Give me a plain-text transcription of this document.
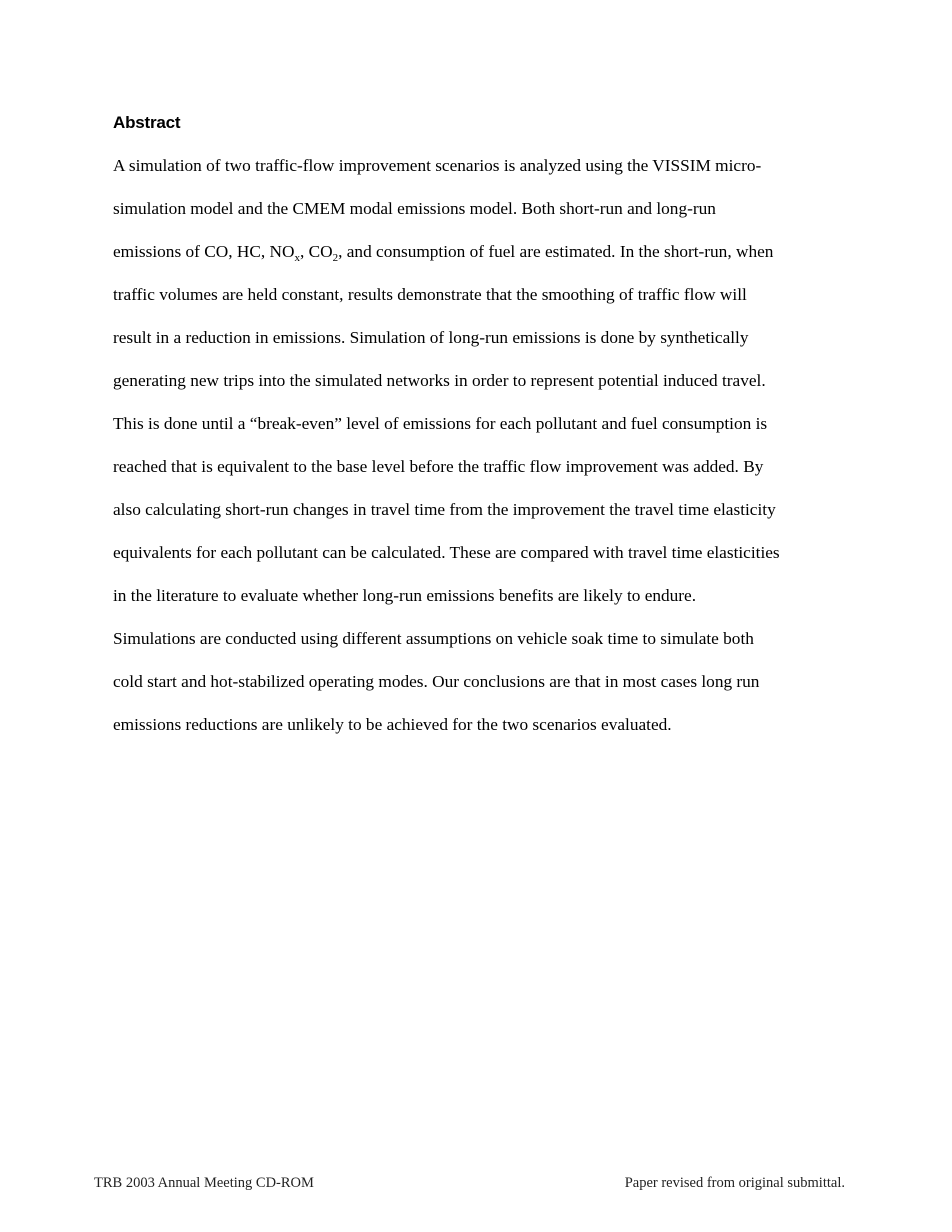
Abstract

A simulation of two traffic-flow improvement scenarios is analyzed using the VISSIM micro-

simulation model and the CMEM modal emissions model. Both short-run and long-run

emissions of CO, HC, $NO_x$, $CO_2$, and consumption of fuel are estimated. In the short-run, when

traffic volumes are held constant, results demonstrate that the smoothing of traffic flow will

result in a reduction in emissions. Simulation of long-run emissions is done by synthetically

generating new trips into the simulated networks in order to represent potential induced travel.

This is done until a “break-even” level of emissions for each pollutant and fuel consumption is

reached that is equivalent to the base level before the traffic flow improvement was added. By

also calculating short-run changes in travel time from the improvement the travel time elasticity

equivalents for each pollutant can be calculated. These are compared with travel time elasticities

in the literature to evaluate whether long-run emissions benefits are likely to endure.

Simulations are conducted using different assumptions on vehicle soak time to simulate both

cold start and hot-stabilized operating modes. Our conclusions are that in most cases long run

emissions reductions are unlikely to be achieved for the two scenarios evaluated.

TRB 2003 Annual Meeting CD-ROM	Paper revised from original submittal.
